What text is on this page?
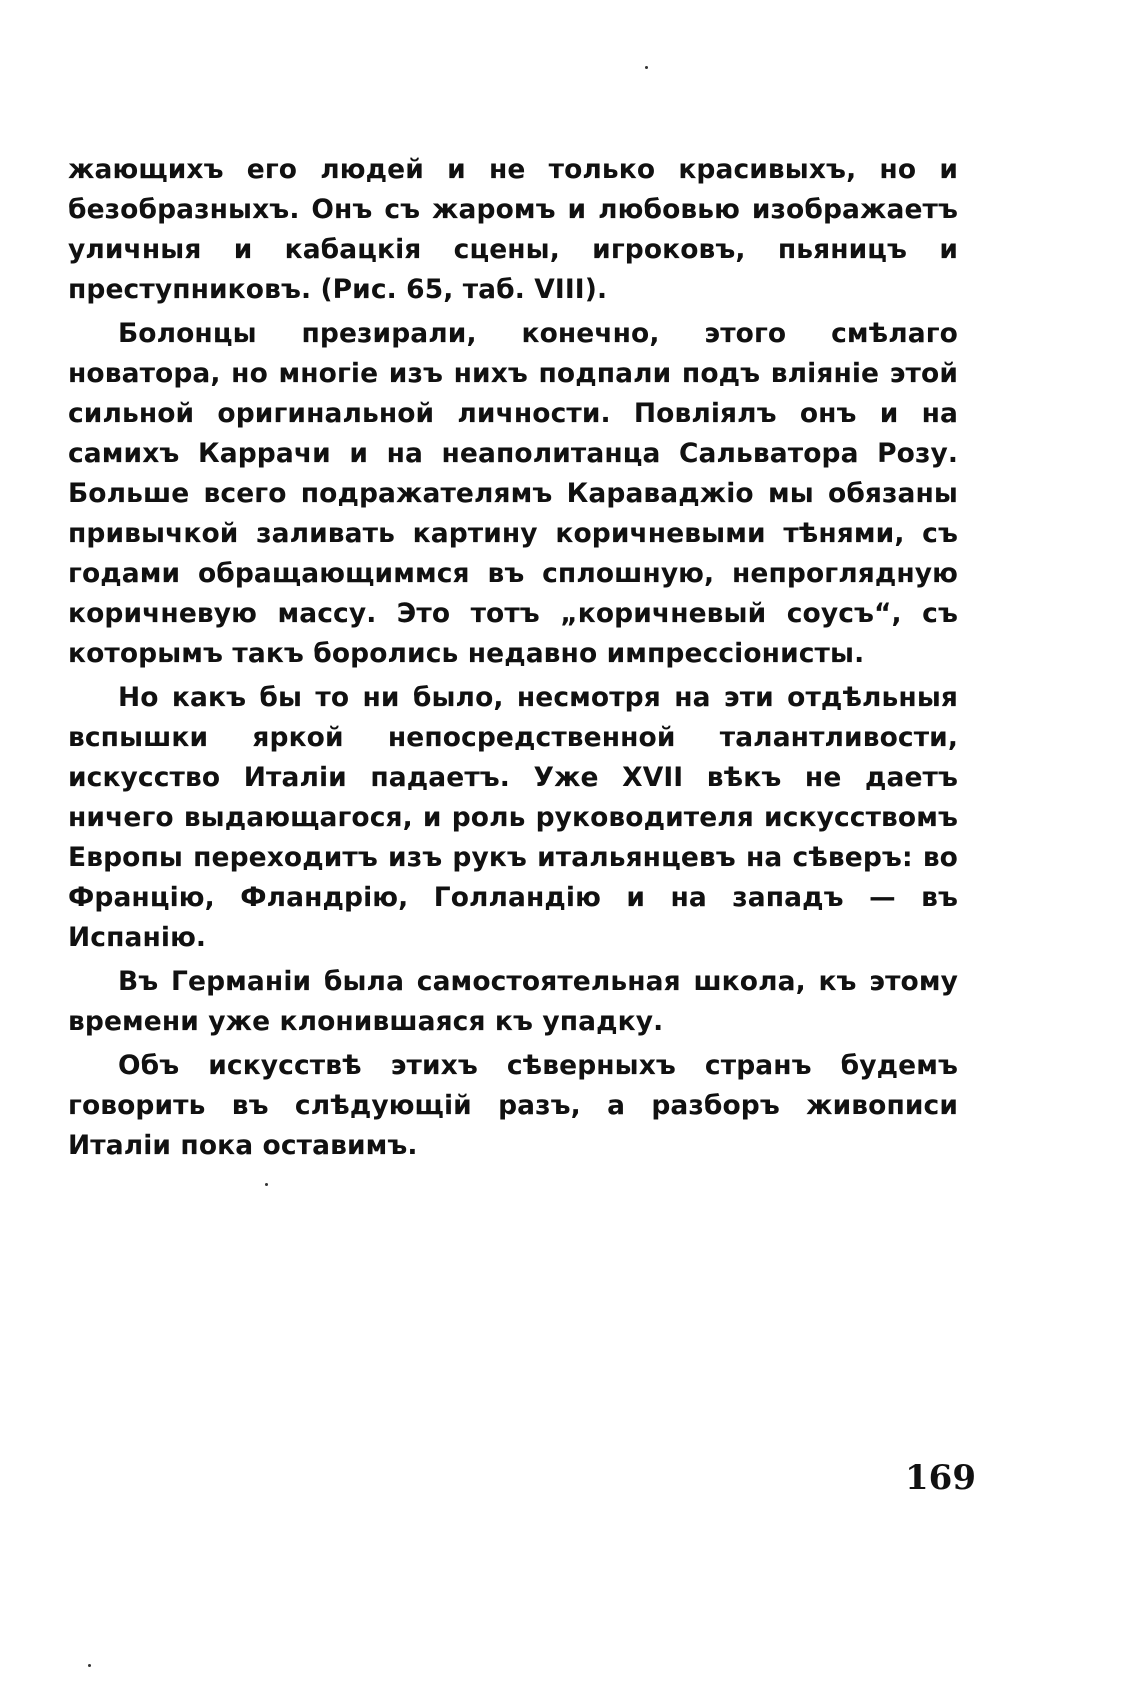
жающихъ его людей и не только красивыхъ, но и безобразныхъ. Онъ съ жаромъ и любовью изображаетъ уличныя и кабацкія сцены, игроковъ, пьяницъ и преступниковъ. (Рис. 65, таб. VIII).

Болонцы презирали, конечно, этого смѣлаго новатора, но многіе изъ нихъ подпали подъ вліяніе этой сильной оригинальной личности. Повліялъ онъ и на самихъ Каррачи и на неаполитанца Сальватора Розу. Больше всего подражателямъ Караваджіо мы обязаны привычкой заливать картину коричневыми тѣнями, съ годами обращающиммся въ сплошную, непроглядную коричневую массу. Это тотъ „коричневый соусъ“, съ которымъ такъ боролись недавно импрессіонисты.

Но какъ бы то ни было, несмотря на эти отдѣльныя вспышки яркой непосредственной талантливости, искусство Италіи падаетъ. Уже XVII вѣкъ не даетъ ничего выдающагося, и роль руководителя искусствомъ Европы переходитъ изъ рукъ итальянцевъ на сѣверъ: во Францію, Фландрію, Голландію и на западъ — въ Испанію.

Въ Германіи была самостоятельная школа, къ этому времени уже клонившаяся къ упадку.

Объ искусствѣ этихъ сѣверныхъ странъ будемъ говорить въ слѣдующій разъ, а разборъ живописи Италіи пока оставимъ.

169
